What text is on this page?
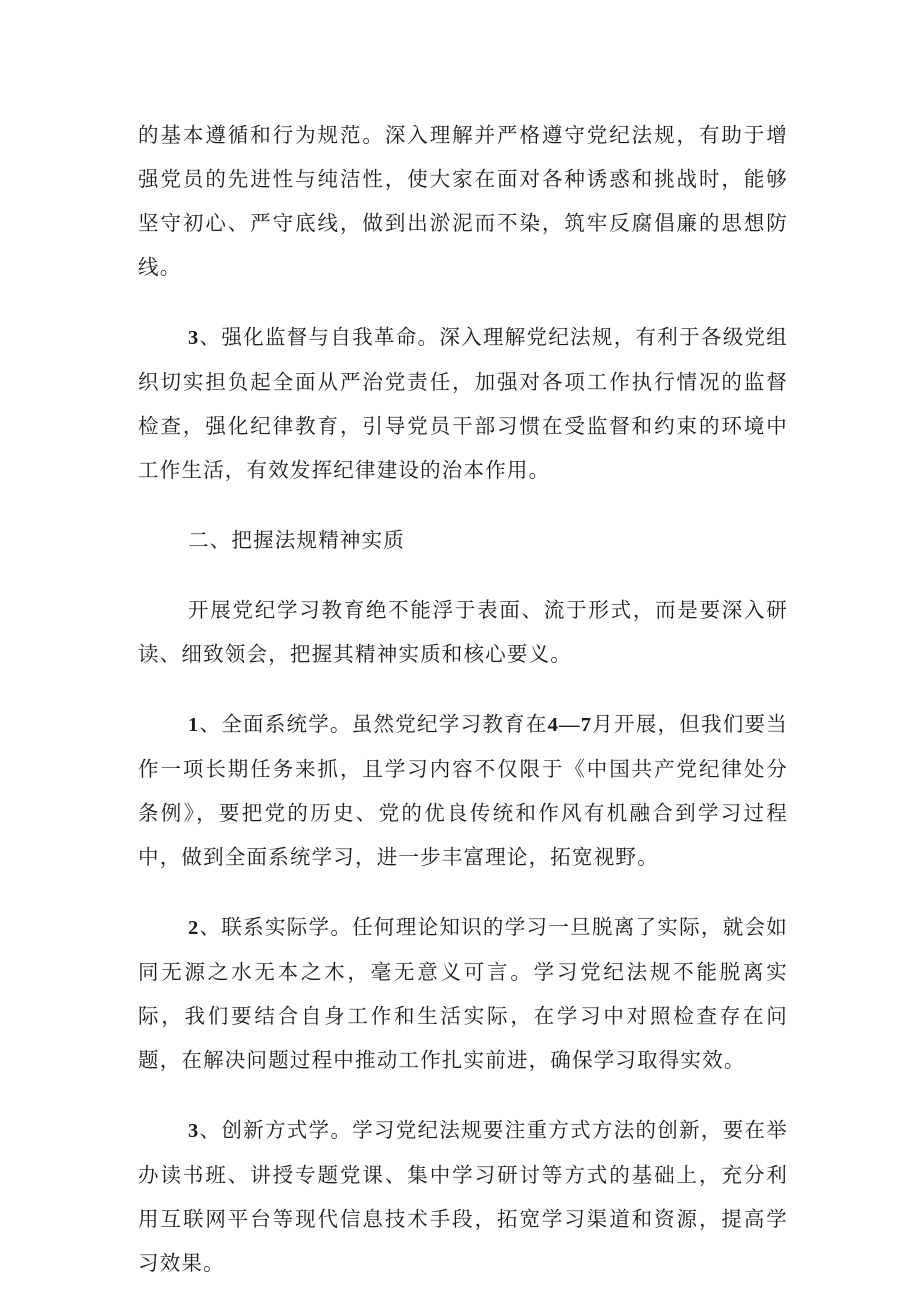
的基本遵循和行为规范。深入理解并严格遵守党纪法规，有助于增强党员的先进性与纯洁性，使大家在面对各种诱惑和挑战时，能够坚守初心、严守底线，做到出淤泥而不染，筑牢反腐倡廉的思想防线。

3、强化监督与自我革命。深入理解党纪法规，有利于各级党组织切实担负起全面从严治党责任，加强对各项工作执行情况的监督检查，强化纪律教育，引导党员干部习惯在受监督和约束的环境中工作生活，有效发挥纪律建设的治本作用。

二、把握法规精神实质

开展党纪学习教育绝不能浮于表面、流于形式，而是要深入研读、细致领会，把握其精神实质和核心要义。

1、全面系统学。虽然党纪学习教育在4—7月开展，但我们要当作一项长期任务来抓，且学习内容不仅限于《中国共产党纪律处分条例》，要把党的历史、党的优良传统和作风有机融合到学习过程中，做到全面系统学习，进一步丰富理论，拓宽视野。

2、联系实际学。任何理论知识的学习一旦脱离了实际，就会如同无源之水无本之木，毫无意义可言。学习党纪法规不能脱离实际，我们要结合自身工作和生活实际，在学习中对照检查存在问题，在解决问题过程中推动工作扎实前进，确保学习取得实效。

3、创新方式学。学习党纪法规要注重方式方法的创新，要在举办读书班、讲授专题党课、集中学习研讨等方式的基础上，充分利用互联网平台等现代信息技术手段，拓宽学习渠道和资源，提高学习效果。
